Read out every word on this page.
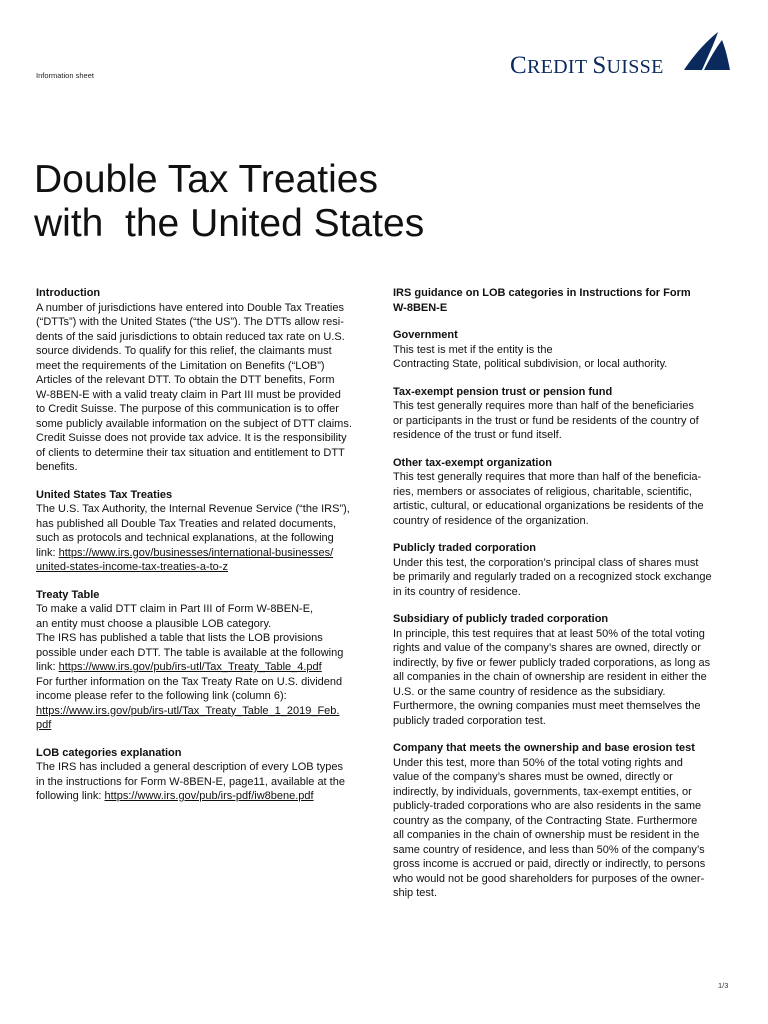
Information sheet	CREDIT SUISSE
Double Tax Treaties
with  the United States
Introduction
A number of jurisdictions have entered into Double Tax Treaties
(“DTTs”) with the United States (“the US”). The DTTs allow resi-
dents of the said jurisdictions to obtain reduced tax rate on U.S.
source dividends. To qualify for this relief, the claimants must
meet the requirements of the Limitation on Benefits (“LOB”)
Articles of the relevant DTT. To obtain the DTT benefits, Form
W-8BEN-E with a valid treaty claim in Part III must be provided
to Credit Suisse. The purpose of this communication is to offer
some publicly available information on the subject of DTT claims.
Credit Suisse does not provide tax advice. It is the responsibility
of clients to determine their tax situation and entitlement to DTT
benefits.
United States Tax Treaties
The U.S. Tax Authority, the Internal Revenue Service (“the IRS”),
has published all Double Tax Treaties and related documents,
such as protocols and technical explanations, at the following
link: https://www.irs.gov/businesses/international-businesses/
united-states-income-tax-treaties-a-to-z
Treaty Table
To make a valid DTT claim in Part III of Form W-8BEN-E,
an entity must choose a plausible LOB category.
The IRS has published a table that lists the LOB provisions
possible under each DTT. The table is available at the following
link: https://www.irs.gov/pub/irs-utl/Tax_Treaty_Table_4.pdf
For further information on the Tax Treaty Rate on U.S. dividend
income please refer to the following link (column 6):
https://www.irs.gov/pub/irs-utl/Tax_Treaty_Table_1_2019_Feb.
pdf
LOB categories explanation
The IRS has included a general description of every LOB types
in the instructions for Form W-8BEN-E, page11, available at the
following link: https://www.irs.gov/pub/irs-pdf/iw8bene.pdf
IRS guidance on LOB categories in Instructions for Form
W-8BEN-E
Government
This test is met if the entity is the
Contracting State, political subdivision, or local authority.
Tax-exempt pension trust or pension fund
This test generally requires more than half of the beneficiaries
or participants in the trust or fund be residents of the country of
residence of the trust or fund itself.
Other tax-exempt organization
This test generally requires that more than half of the beneficia-
ries, members or associates of religious, charitable, scientific,
artistic, cultural, or educational organizations be residents of the
country of residence of the organization.
Publicly traded corporation
Under this test, the corporation’s principal class of shares must
be primarily and regularly traded on a recognized stock exchange
in its country of residence.
Subsidiary of publicly traded corporation
In principle, this test requires that at least 50% of the total voting
rights and value of the company’s shares are owned, directly or
indirectly, by five or fewer publicly traded corporations, as long as
all companies in the chain of ownership are resident in either the
U.S. or the same country of residence as the subsidiary.
Furthermore, the owning companies must meet themselves the
publicly traded corporation test.
Company that meets the ownership and base erosion test
Under this test, more than 50% of the total voting rights and
value of the company’s shares must be owned, directly or
indirectly, by individuals, governments, tax-exempt entities, or
publicly-traded corporations who are also residents in the same
country as the company, of the Contracting State. Furthermore
all companies in the chain of ownership must be resident in the
same country of residence, and less than 50% of the company’s
gross income is accrued or paid, directly or indirectly, to persons
who would not be good shareholders for purposes of the owner-
ship test.
1/3
